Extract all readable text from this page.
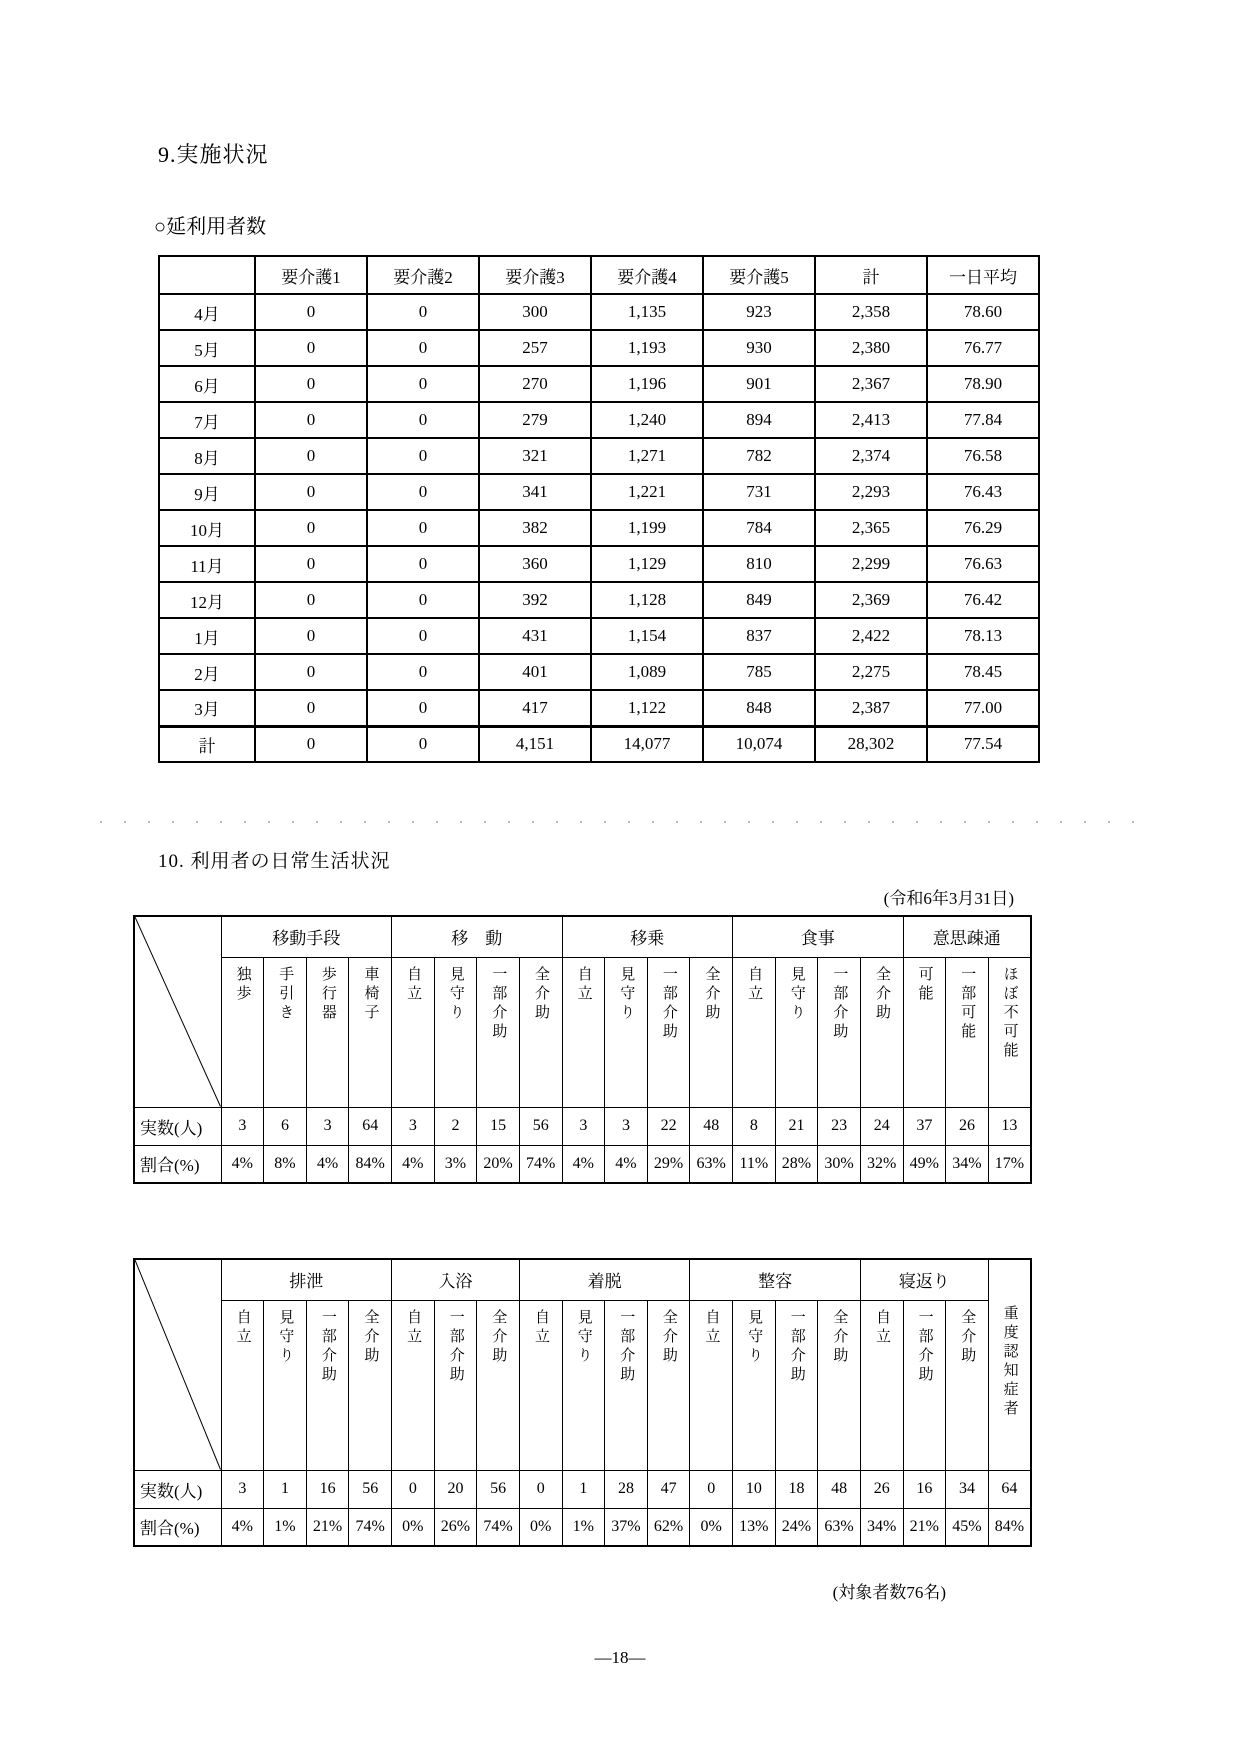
9.実施状況
○延利用者数
	要介護1	要介護2	要介護3	要介護4	要介護5	計	一日平均
4月	0	0	300	1,135	923	2,358	78.60
5月	0	0	257	1,193	930	2,380	76.77
6月	0	0	270	1,196	901	2,367	78.90
7月	0	0	279	1,240	894	2,413	77.84
8月	0	0	321	1,271	782	2,374	76.58
9月	0	0	341	1,221	731	2,293	76.43
10月	0	0	382	1,199	784	2,365	76.29
11月	0	0	360	1,129	810	2,299	76.63
12月	0	0	392	1,128	849	2,369	76.42
1月	0	0	431	1,154	837	2,422	78.13
2月	0	0	401	1,089	785	2,275	78.45
3月	0	0	417	1,122	848	2,387	77.00
計	0	0	4,151	14,077	10,074	28,302	77.54
10. 利用者の日常生活状況
(令和6年3月31日)
	移動手段				移　動				移乗				食事				意思疎通		
	独歩	手引き	歩行器	車椅子	自立	見守り	一部介助	全介助	自立	見守り	一部介助	全介助	自立	見守り	一部介助	全介助	可能	一部可能	ほぼ不可能
実数(人)	3	6	3	64	3	2	15	56	3	3	22	48	8	21	23	24	37	26	13
割合(%)	4%	8%	4%	84%	4%	3%	20%	74%	4%	4%	29%	63%	11%	28%	30%	32%	49%	34%	17%
	排泄				入浴			着脱				整容				寝返り			重度認知症者
	自立	見守り	一部介助	全介助	自立	一部介助	全介助	自立	見守り	一部介助	全介助	自立	見守り	一部介助	全介助	自立	一部介助	全介助	
実数(人)	3	1	16	56	0	20	56	0	1	28	47	0	10	18	48	26	16	34	64
割合(%)	4%	1%	21%	74%	0%	26%	74%	0%	1%	37%	62%	0%	13%	24%	63%	34%	21%	45%	84%
(対象者数76名)
—18—
